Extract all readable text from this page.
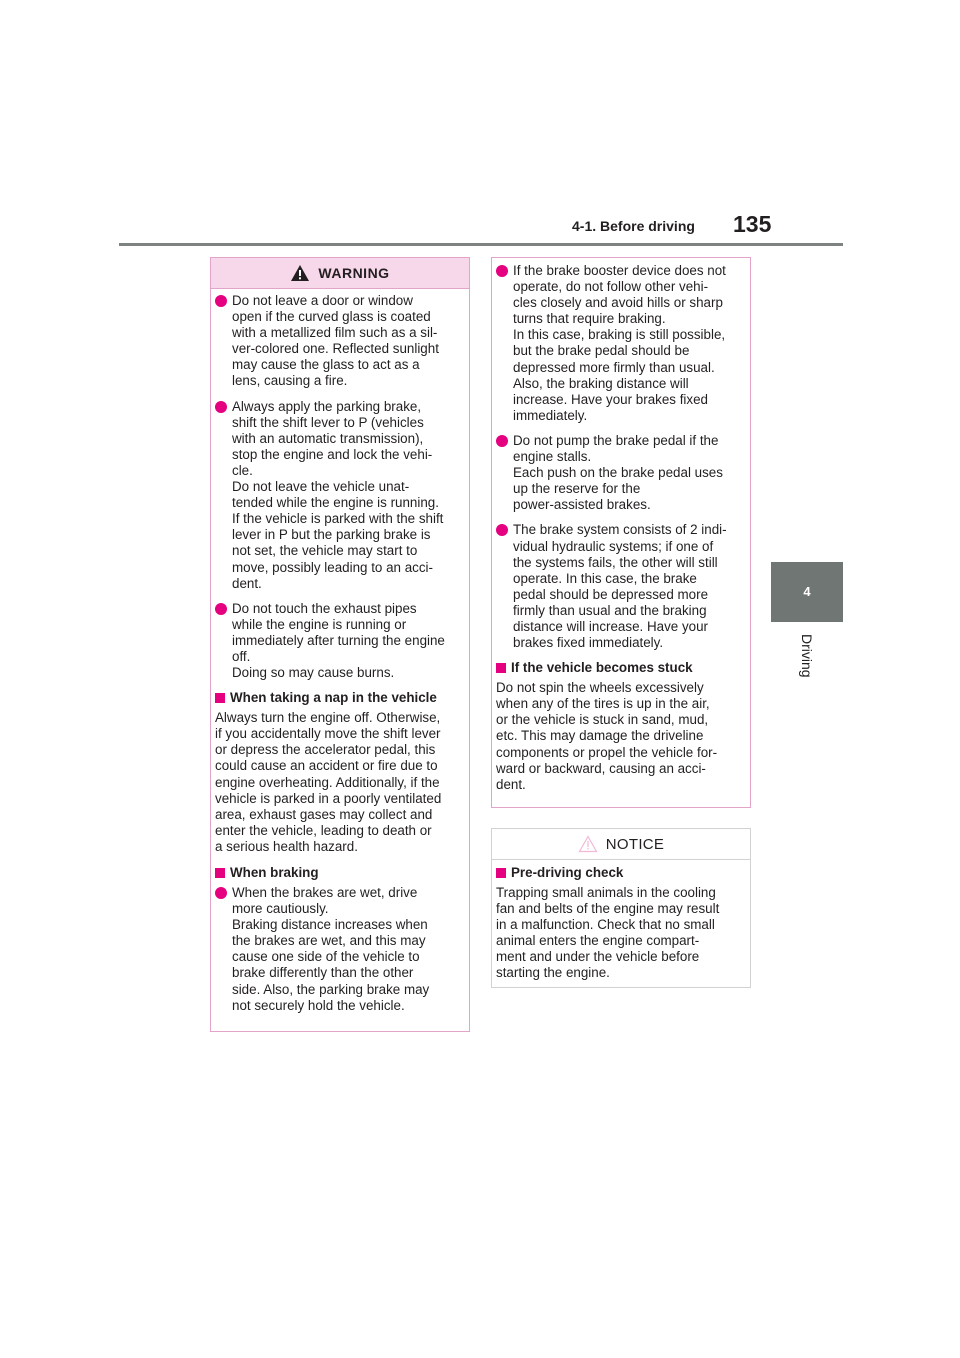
4-1. Before driving 135
4
Driving
WARNING
Do not leave a door or window
open if the curved glass is coated
with a metallized film such as a sil-
ver-colored one. Reflected sunlight
may cause the glass to act as a
lens, causing a fire.
Always apply the parking brake,
shift the shift lever to P (vehicles
with an automatic transmission),
stop the engine and lock the vehi-
cle.
Do not leave the vehicle unat-
tended while the engine is running.
If the vehicle is parked with the shift
lever in P but the parking brake is
not set, the vehicle may start to
move, possibly leading to an acci-
dent.
Do not touch the exhaust pipes
while the engine is running or
immediately after turning the engine
off.
Doing so may cause burns.
When taking a nap in the vehicle
Always turn the engine off. Otherwise,
if you accidentally move the shift lever
or depress the accelerator pedal, this
could cause an accident or fire due to
engine overheating. Additionally, if the
vehicle is parked in a poorly ventilated
area, exhaust gases may collect and
enter the vehicle, leading to death or
a serious health hazard.
When braking
When the brakes are wet, drive
more cautiously.
Braking distance increases when
the brakes are wet, and this may
cause one side of the vehicle to
brake differently than the other
side. Also, the parking brake may
not securely hold the vehicle.
If the brake booster device does not
operate, do not follow other vehi-
cles closely and avoid hills or sharp
turns that require braking.
In this case, braking is still possible,
but the brake pedal should be
depressed more firmly than usual.
Also, the braking distance will
increase. Have your brakes fixed
immediately.
Do not pump the brake pedal if the
engine stalls.
Each push on the brake pedal uses
up the reserve for the
power-assisted brakes.
The brake system consists of 2 indi-
vidual hydraulic systems; if one of
the systems fails, the other will still
operate. In this case, the brake
pedal should be depressed more
firmly than usual and the braking
distance will increase. Have your
brakes fixed immediately.
If the vehicle becomes stuck
Do not spin the wheels excessively
when any of the tires is up in the air,
or the vehicle is stuck in sand, mud,
etc. This may damage the driveline
components or propel the vehicle for-
ward or backward, causing an acci-
dent.
NOTICE
Pre-driving check
Trapping small animals in the cooling
fan and belts of the engine may result
in a malfunction. Check that no small
animal enters the engine compart-
ment and under the vehicle before
starting the engine.
